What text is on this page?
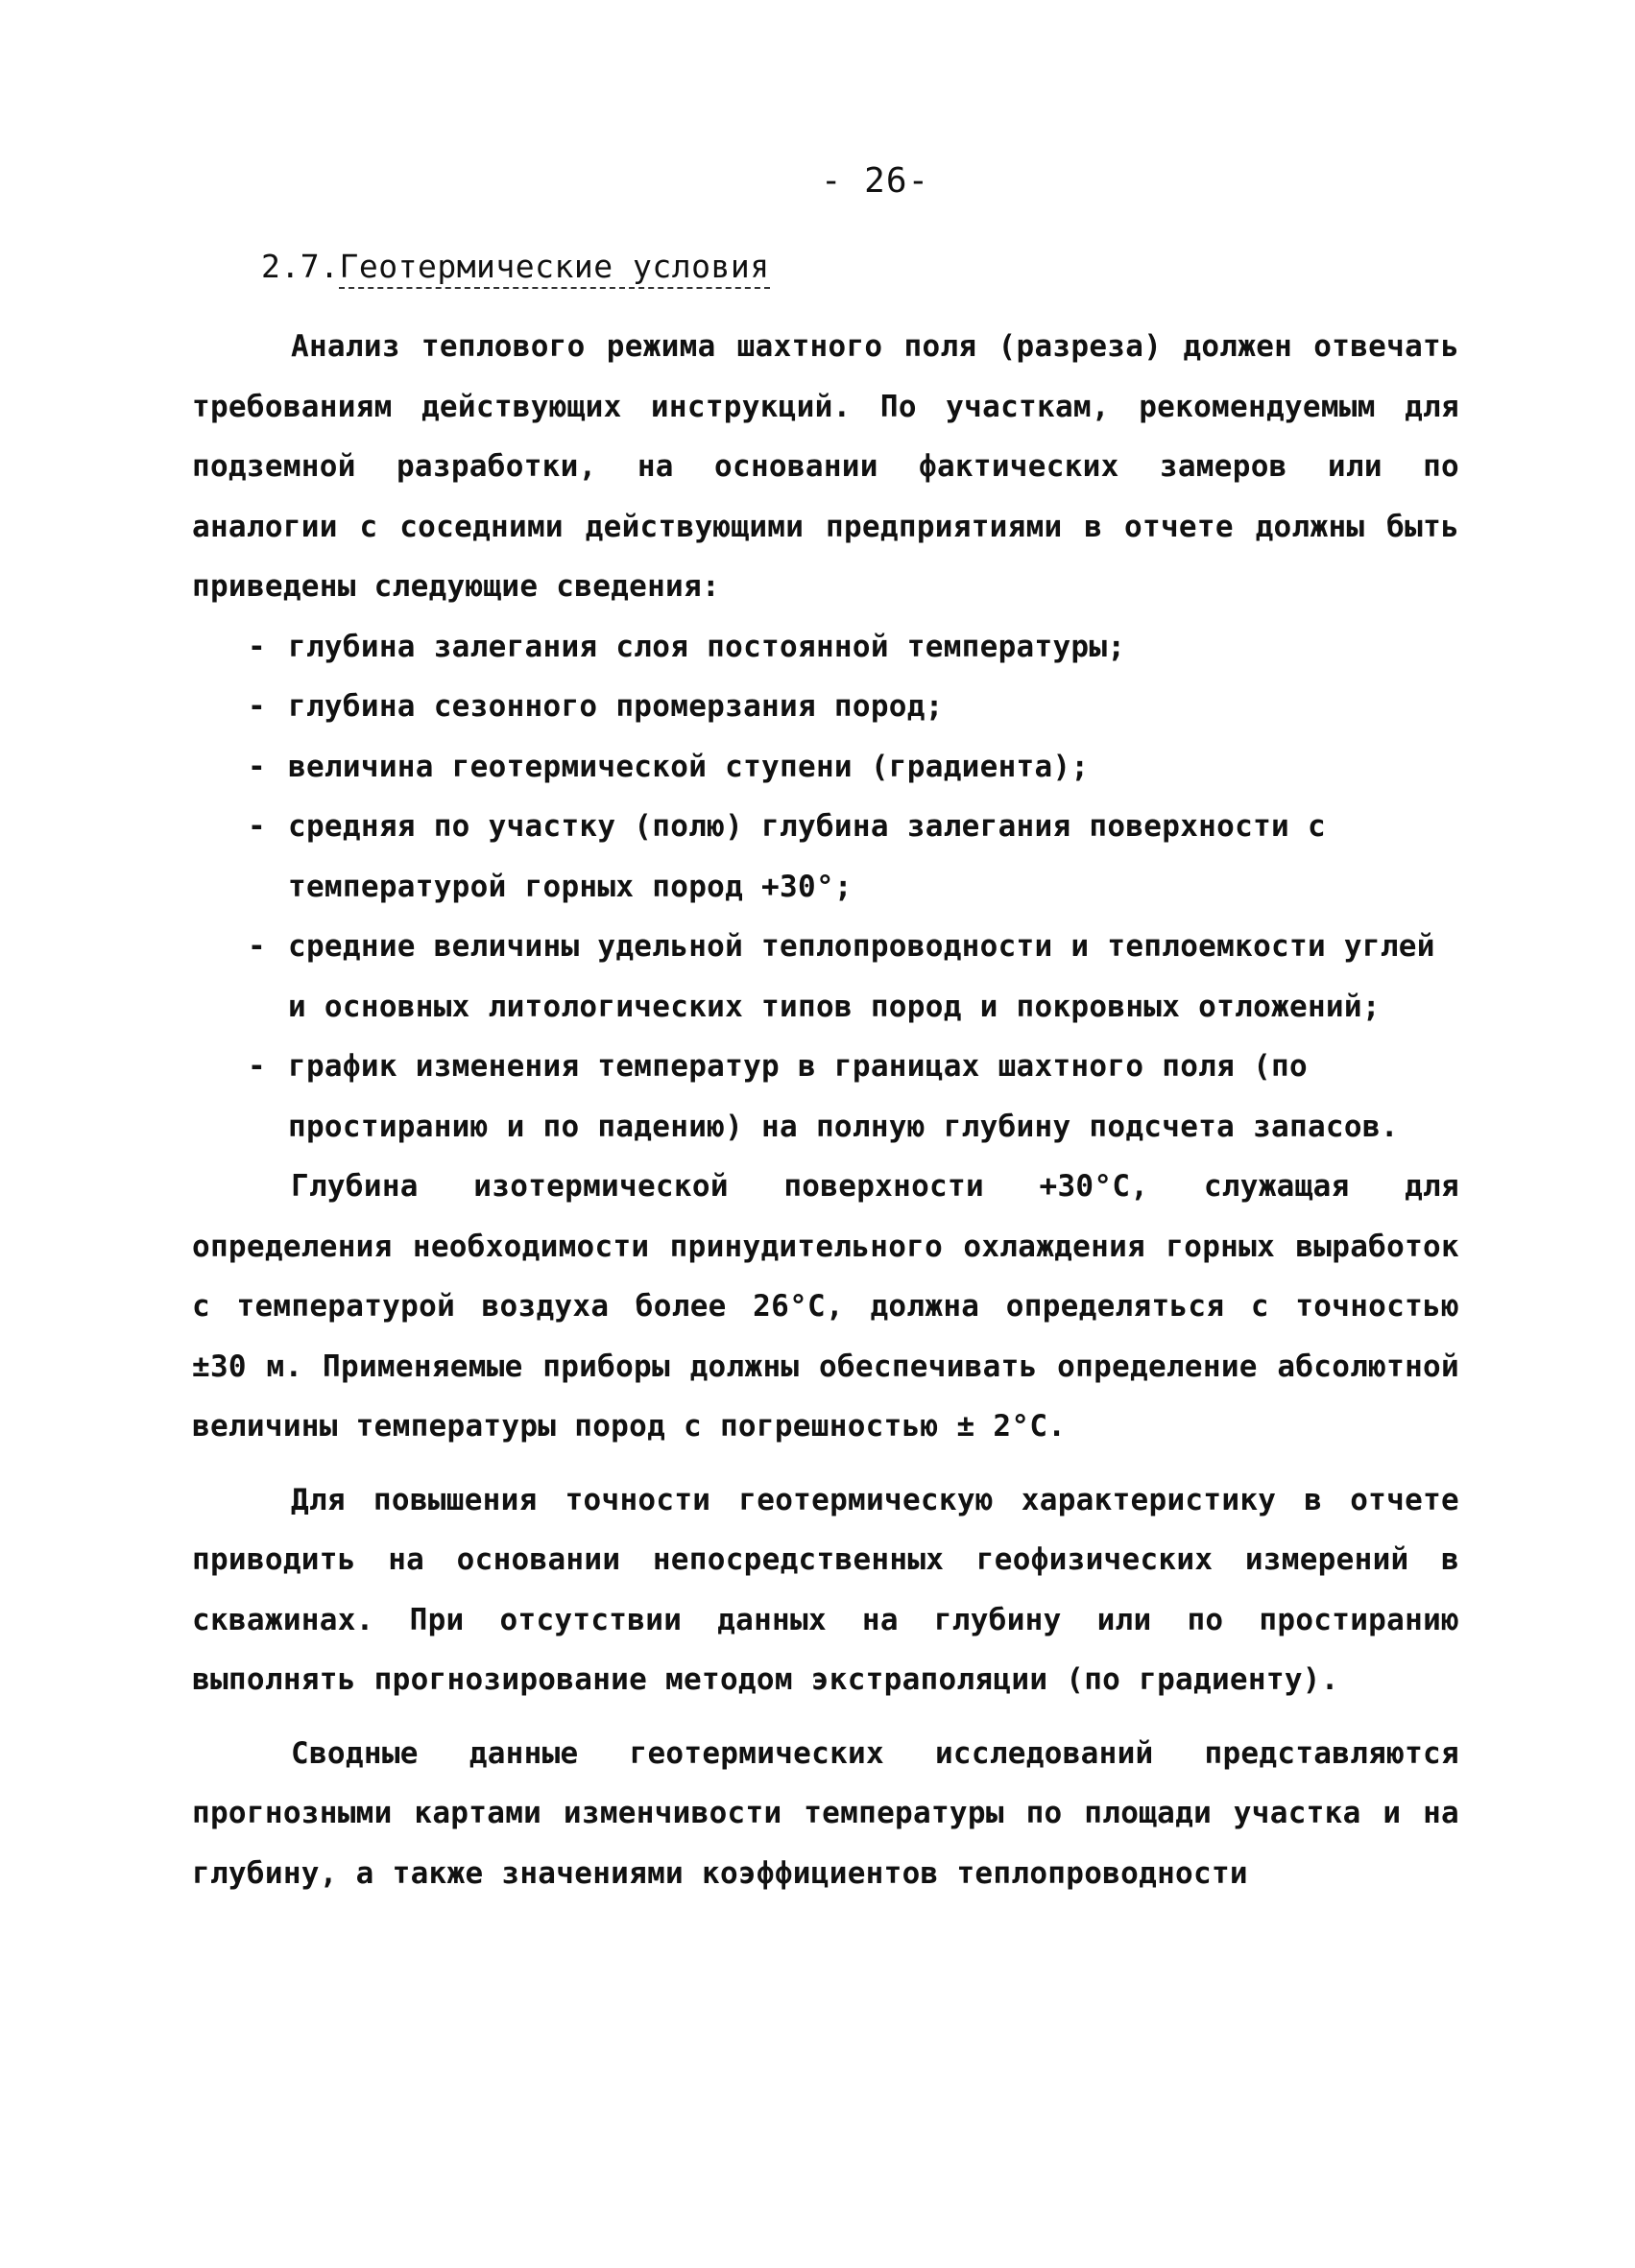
- 26-
2.7.Геотермические условия

Анализ теплового режима шахтного поля (разреза) должен отвечать требованиям действующих инструкций. По участкам, рекомендуемым для подземной разработки, на основании фактических замеров или по аналогии с соседними действующими предприятиями в отчете должны быть приведены следующие сведения:

- глубина залегания слоя постоянной температуры;
- глубина сезонного промерзания пород;
- величина геотермической ступени (градиента);
- средняя по участку (полю) глубина залегания поверхности с температурой горных пород +30°;
- средние величины удельной теплопроводности и теплоемкости углей и основных литологических типов пород и покровных отложений;
- график изменения температур в границах шахтного поля (по простиранию и по падению) на полную глубину подсчета запасов.

Глубина изотермической поверхности +30°С, служащая для определения необходимости принудительного охлаждения горных выработок с температурой воздуха более 26°С, должна определяться с точностью ±30 м. Применяемые приборы должны обеспечивать определение абсолютной величины температуры пород с погрешностью ± 2°С.

Для повышения точности геотермическую характеристику в отчете приводить на основании непосредственных геофизических измерений в скважинах. При отсутствии данных на глубину или по простиранию выполнять прогнозирование методом экстраполяции (по градиенту).

Сводные данные геотермических исследований представляются прогнозными картами изменчивости температуры по площади участка и на глубину, а также значениями коэффициентов теплопроводности
